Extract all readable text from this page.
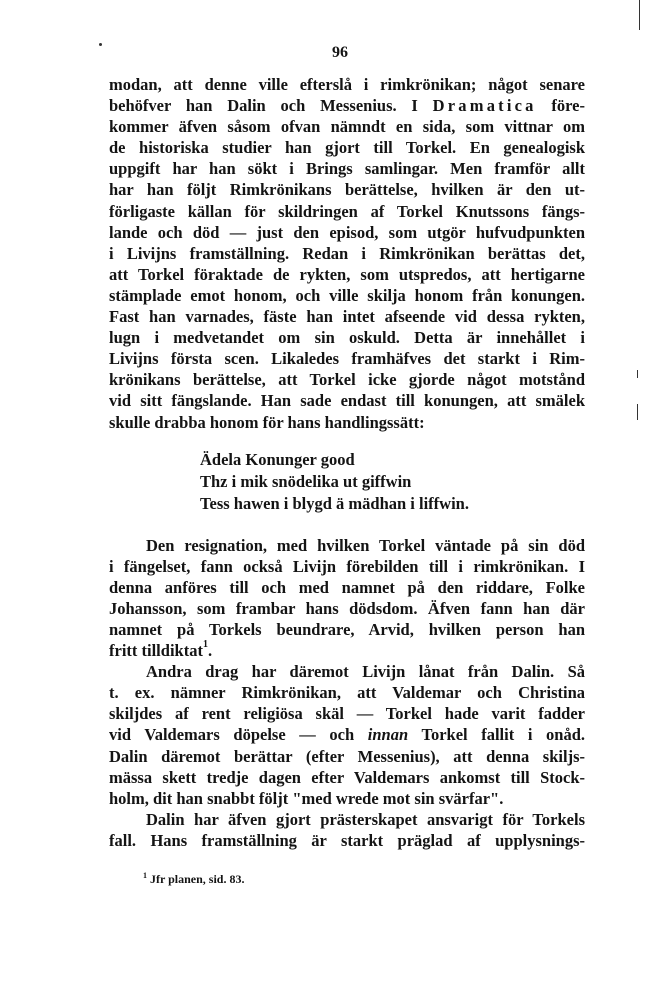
96
modan, att denne ville efterslå i rimkrönikan; något senare
behöfver han Dalin och Messenius. I Dramatica före-
kommer äfven såsom ofvan nämndt en sida, som vittnar om
de historiska studier han gjort till Torkel. En genealogisk
uppgift har han sökt i Brings samlingar. Men framför allt
har han följt Rimkrönikans berättelse, hvilken är den ut-
förligaste källan för skildringen af Torkel Knutssons fängs-
lande och död — just den episod, som utgör hufvudpunkten
i Livijns framställning. Redan i Rimkrönikan berättas det,
att Torkel föraktade de rykten, som utspredos, att hertigarne
stämplade emot honom, och ville skilja honom från konungen.
Fast han varnades, fäste han intet afseende vid dessa rykten,
lugn i medvetandet om sin oskuld. Detta är innehållet i
Livijns första scen. Likaledes framhäfves det starkt i Rim-
krönikans berättelse, att Torkel icke gjorde något motstånd
vid sitt fängslande. Han sade endast till konungen, att smälek
skulle drabba honom för hans handlingssätt:
Ädela Konunger good
Thz i mik snödelika ut giffwin
Tess hawen i blygd ä mädhan i liffwin.
Den resignation, med hvilken Torkel väntade på sin död
i fängelset, fann också Livijn förebilden till i rimkrönikan. I
denna anföres till och med namnet på den riddare, Folke
Johansson, som frambar hans dödsdom. Äfven fann han där
namnet på Torkels beundrare, Arvid, hvilken person han
fritt tilldiktat$^1$.
Andra drag har däremot Livijn lånat från Dalin. Så
t. ex. nämner Rimkrönikan, att Valdemar och Christina
skiljdes af rent religiösa skäl — Torkel hade varit fadder
vid Valdemars döpelse — och innan Torkel fallit i onåd.
Dalin däremot berättar (efter Messenius), att denna skiljs-
mässa skett tredje dagen efter Valdemars ankomst till Stock-
holm, dit han snabbt följt "med wrede mot sin svärfar".
Dalin har äfven gjort prästerskapet ansvarigt för Torkels
fall. Hans framställning är starkt präglad af upplysnings-
$^1$ Jfr planen, sid. 83.
